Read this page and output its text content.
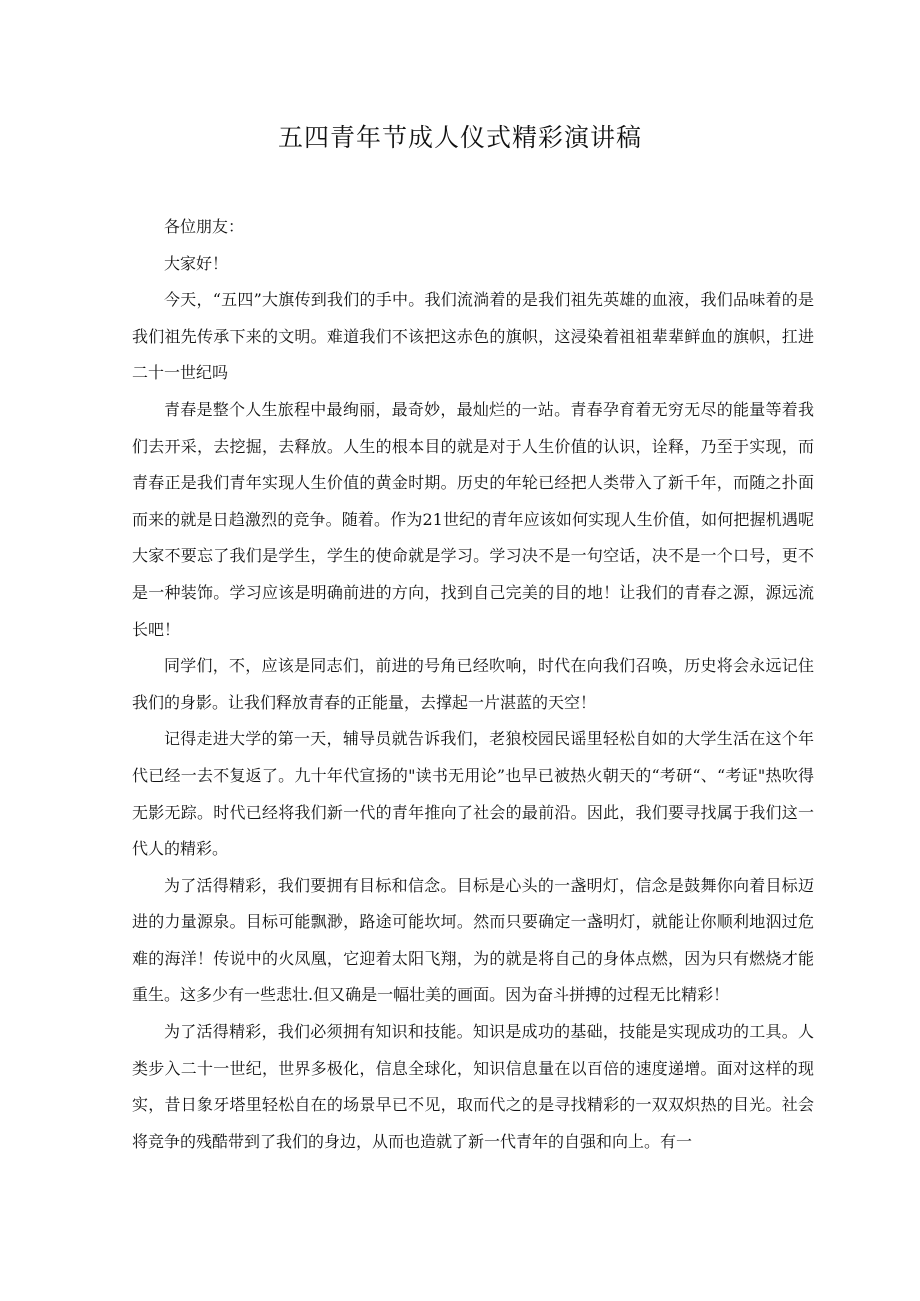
五四青年节成人仪式精彩演讲稿

各位朋友：

大家好！

今天，“五四”大旗传到我们的手中。我们流淌着的是我们祖先英雄的血液，我们品味着的是我们祖先传承下来的文明。难道我们不该把这赤色的旗帜，这浸染着祖祖辈辈鲜血的旗帜，扛进二十一世纪吗

青春是整个人生旅程中最绚丽，最奇妙，最灿烂的一站。青春孕育着无穷无尽的能量等着我们去开采，去挖掘，去释放。人生的根本目的就是对于人生价值的认识，诠释，乃至于实现，而青春正是我们青年实现人生价值的黄金时期。历史的年轮已经把人类带入了新千年，而随之扑面而来的就是日趋激烈的竞争。随着。作为21世纪的青年应该如何实现人生价值，如何把握机遇呢大家不要忘了我们是学生，学生的使命就是学习。学习决不是一句空话，决不是一个口号，更不是一种装饰。学习应该是明确前进的方向，找到自己完美的目的地！让我们的青春之源，源远流长吧！

同学们，不，应该是同志们，前进的号角已经吹响，时代在向我们召唤，历史将会永远记住我们的身影。让我们释放青春的正能量，去撑起一片湛蓝的天空！

记得走进大学的第一天，辅导员就告诉我们，老狼校园民谣里轻松自如的大学生活在这个年代已经一去不复返了。九十年代宣扬的"读书无用论”也早已被热火朝天的“考研“、“考证"热吹得无影无踪。时代已经将我们新一代的青年推向了社会的最前沿。因此，我们要寻找属于我们这一代人的精彩。

为了活得精彩，我们要拥有目标和信念。目标是心头的一盏明灯，信念是鼓舞你向着目标迈进的力量源泉。目标可能飘渺，路途可能坎坷。然而只要确定一盏明灯，就能让你顺利地泅过危难的海洋！传说中的火凤凰，它迎着太阳飞翔，为的就是将自己的身体点燃，因为只有燃烧才能重生。这多少有一些悲壮.但又确是一幅壮美的画面。因为奋斗拼搏的过程无比精彩！

为了活得精彩，我们必须拥有知识和技能。知识是成功的基础，技能是实现成功的工具。人类步入二十一世纪，世界多极化，信息全球化，知识信息量在以百倍的速度递增。面对这样的现实，昔日象牙塔里轻松自在的场景早已不见，取而代之的是寻找精彩的一双双炽热的目光。社会将竞争的残酷带到了我们的身边，从而也造就了新一代青年的自强和向上。有一
